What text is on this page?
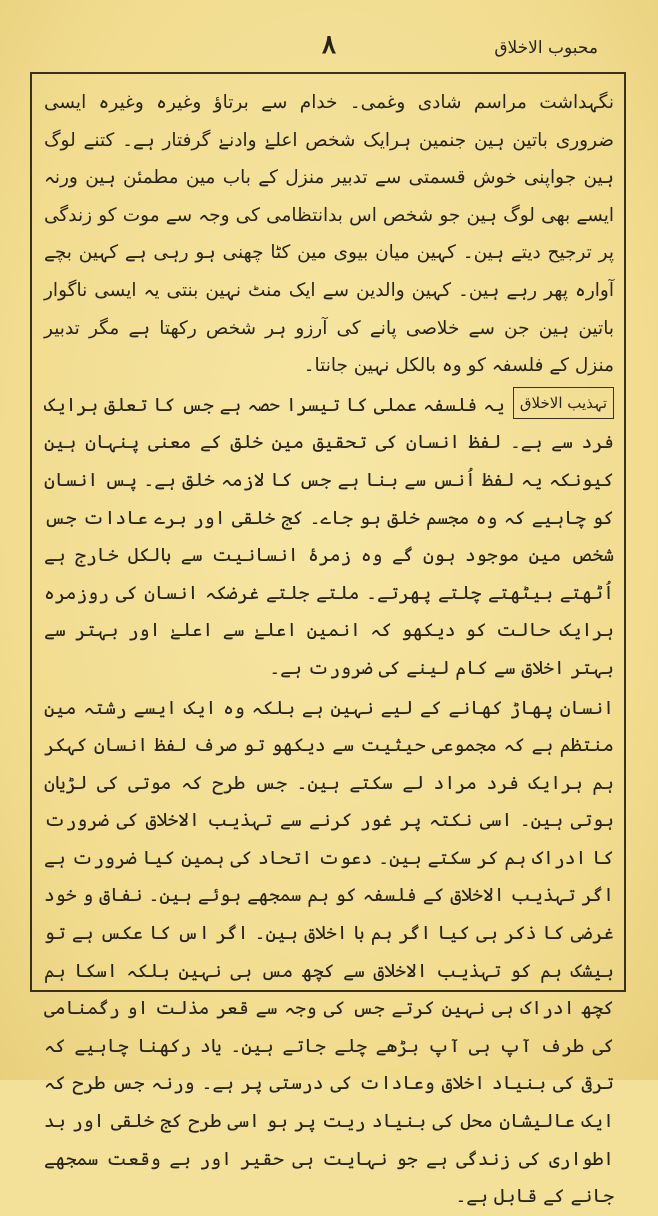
٨	محبوب الاخلاق

نگہداشت مراسم شادی وغمی۔ خدام سے برتاؤ وغیرہ وغیرہ ایسی ضروری باتین ہین جنمین ہرایک شخص اعلےٰ وادنےٰ گرفتار ہے۔ کتنے لوگ ہین جواپنی خوش قسمتی سے تدبیر منزل کے باب مین مطمئن ہین ورنہ ایسے بھی لوگ ہین جو شخص اس بدانتظامی کی وجہ سے موت کو زندگی پر ترجیح دیتے ہین۔ کہین میان بیوی مین کٹا چھنی ہو رہی ہے کہین بچے آوارہ پھر رہے ہین۔ کہین والدین سے ایک منٹ نہین بنتی یہ ایسی ناگوار باتین ہین جن سے خلاصی پانے کی آرزو ہر شخص رکھتا ہے مگر تدبیر منزل کے فلسفہ کو وہ بالکل نہین جانتا۔

تہذیب الاخلاق
یہ فلسفہ عملی کا تیسرا حصہ ہے جس کا تعلق ہرایک فرد سے ہے۔ لفظ انسان کی تحقیق مین خلق کے معنی پنہان ہین کیونکہ یہ لفظ اُنس سے بنا ہے جس کا لازمہ خلق ہے۔ پس انسان کو چاہیے کہ وہ مجسم خلق ہو جاے۔ کج خلقی اور برے عادات جس شخص مین موجود ہون گے وہ زمرۂ انسانیت سے بالکل خارج ہے اُٹھتے بیٹھتے چلتے پھرتے۔ ملتے جلتے غرضکہ انسان کی روزمرہ ہرایک حالت کو دیکھو کہ انمین اعلےٰ سے اعلےٰ اور بہتر سے بہتر اخلاق سے کام لینے کی ضرورت ہے۔

انسان پھاڑ کھانے کے لیے نہین ہے بلکہ وہ ایک ایسے رشتہ مین منتظم ہے کہ مجموعی حیثیت سے دیکھو تو صرف لفظ انسان کہکر ہم ہرایک فرد مراد لے سکتے ہین۔ جس طرح کہ موتی کی لڑیان ہوتی ہین۔ اسی نکتہ پر غور کرنے سے تہذیب الاخلاق کی ضرورت کا ادراک ہم کر سکتے ہین۔ دعوت اتحاد کی ہمین کیا ضرورت ہے اگر تہذیب الاخلاق کے فلسفہ کو ہم سمجھے ہوئے ہین۔ نفاق و خود غرضی کا ذکر ہی کیا اگر ہم با اخلاق ہین۔ اگر اس کا عکس ہے تو بیشک ہم کو تہذیب الاخلاق سے کچھ مس ہی نہین بلکہ اسکا ہم کچھ ادراک ہی نہین کرتے جس کی وجہ سے قعر مذلت او رگمنامی کی طرف آپ ہی آپ بڑھے چلے جاتے ہین۔ یاد رکھنا چاہیے کہ ترقی کی بنیاد اخلاق وعادات کی درستی پر ہے۔ ورنہ جس طرح کہ ایک عالیشان محل کی بنیاد ریت پر ہو اسی طرح کج خلقی اور بد اطواری کی زندگی ہے جو نہایت ہی حقیر اور بے وقعت سمجھے جانے کے قابل ہے۔
